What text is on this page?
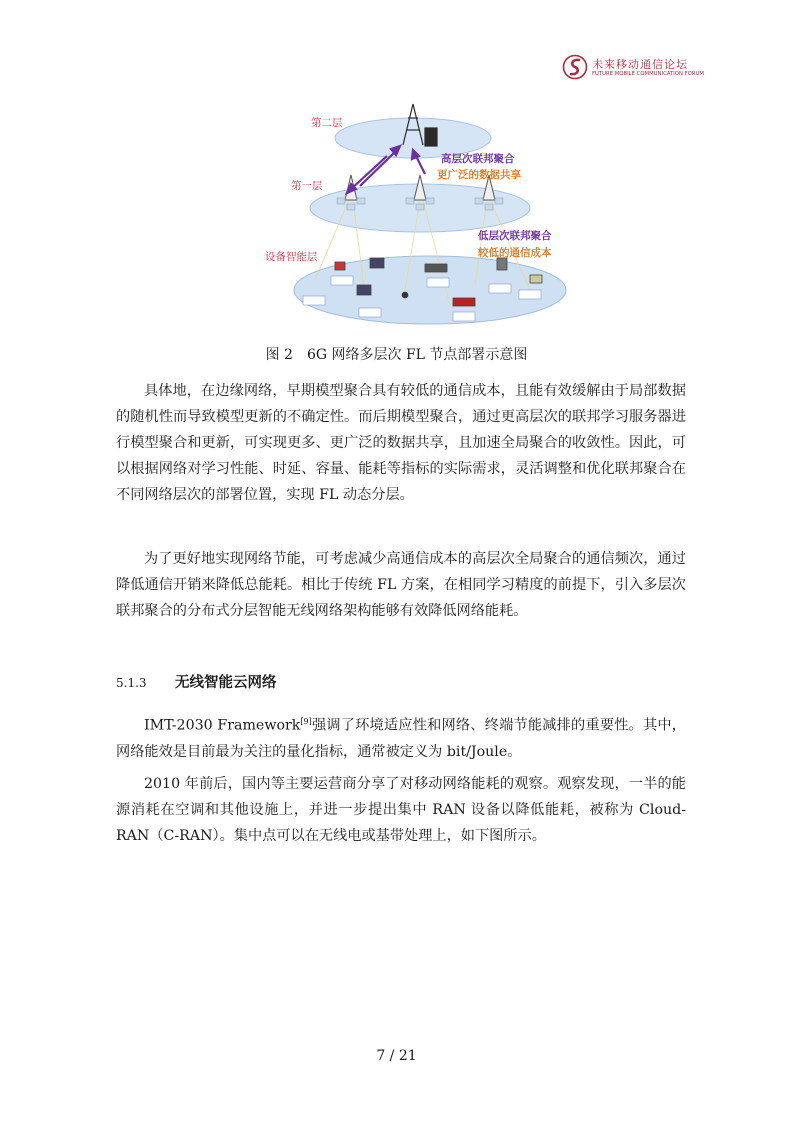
未来移动通信论坛
FUTURE MOBILE COMMUNICATION FORUM
第二层
第一层
设备智能层
高层次联邦聚合
更广泛的数据共享
低层次联邦聚合
较低的通信成本
图 2　6G 网络多层次 FL 节点部署示意图

具体地，在边缘网络，早期模型聚合具有较低的通信成本，且能有效缓解由于局部数据的随机性而导致模型更新的不确定性。而后期模型聚合，通过更高层次的联邦学习服务器进行模型聚合和更新，可实现更多、更广泛的数据共享，且加速全局聚合的收敛性。因此，可以根据网络对学习性能、时延、容量、能耗等指标的实际需求，灵活调整和优化联邦聚合在不同网络层次的部署位置，实现 FL 动态分层。

为了更好地实现网络节能，可考虑减少高通信成本的高层次全局聚合的通信频次，通过降低通信开销来降低总能耗。相比于传统 FL 方案，在相同学习精度的前提下，引入多层次联邦聚合的分布式分层智能无线网络架构能够有效降低网络能耗。

5.1.3 无线智能云网络

IMT-2030 Framework[9]强调了环境适应性和网络、终端节能减排的重要性。其中，网络能效是目前最为关注的量化指标，通常被定义为 bit/Joule。

2010 年前后，国内等主要运营商分享了对移动网络能耗的观察。观察发现，一半的能源消耗在空调和其他设施上，并进一步提出集中 RAN 设备以降低能耗，被称为 Cloud-RAN（C-RAN）。集中点可以在无线电或基带处理上，如下图所示。

7 / 21
